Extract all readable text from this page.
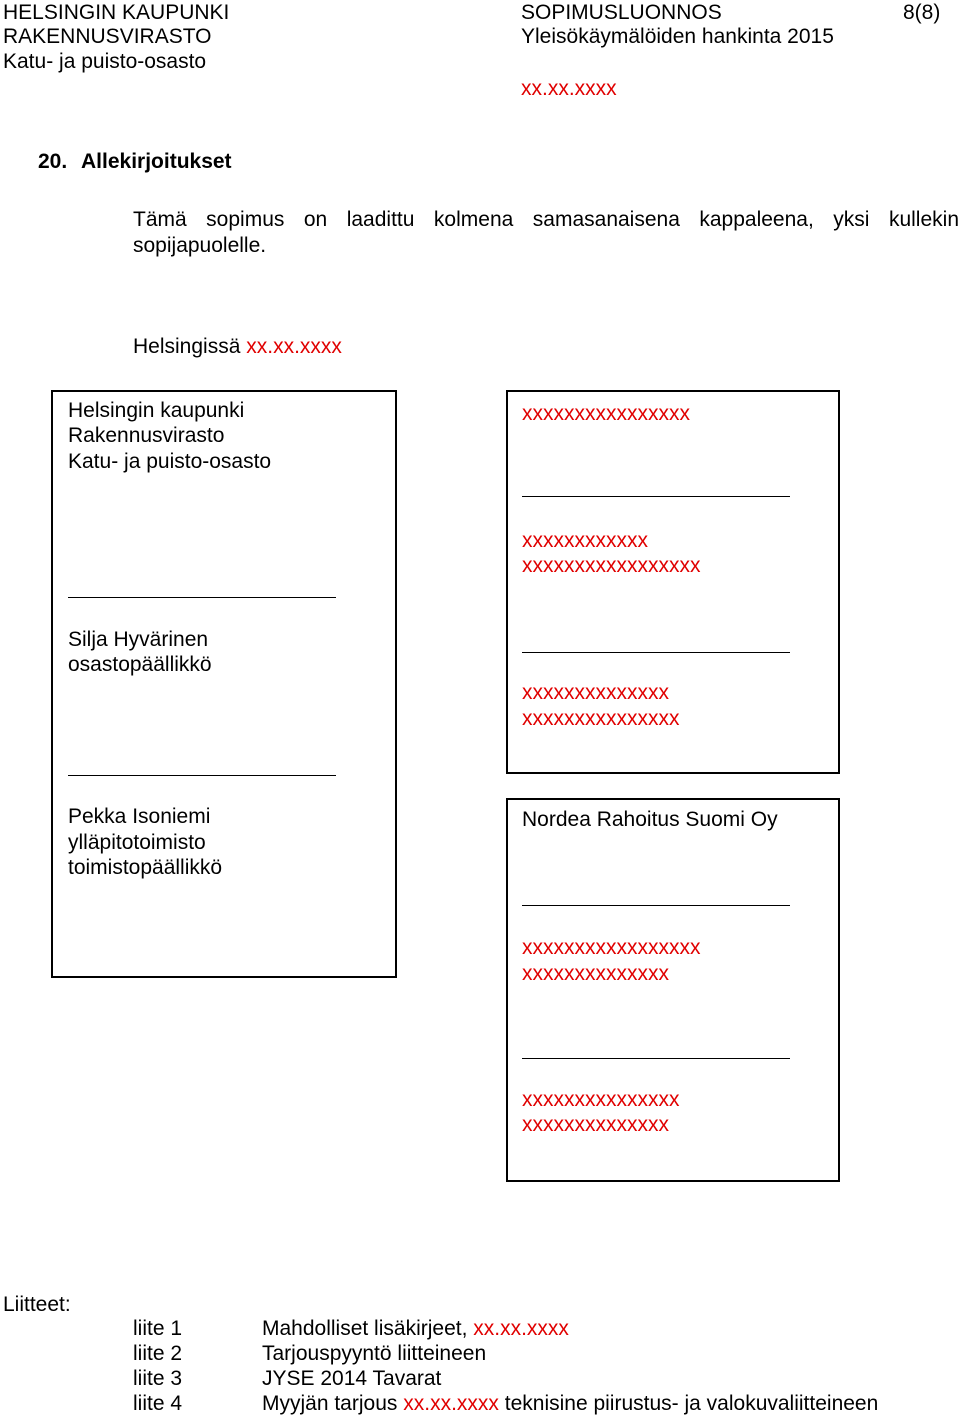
HELSINGIN KAUPUNKI
RAKENNUSVIRASTO
Katu- ja puisto-osasto
SOPIMUSLUONNOS
Yleisökäymälöiden hankinta 2015
8(8)
xx.xx.xxxx
20. Allekirjoitukset
Tämä sopimus on laadittu kolmena samasanaisena kappaleena, yksi kullekin sopijapuolelle.
Helsingissä xx.xx.xxxx
Helsingin kaupunki
Rakennusvirasto
Katu- ja puisto-osasto
Silja Hyvärinen
osastopäällikkö
Pekka Isoniemi
ylläpitotoimisto
toimistopäällikkö
xxxxxxxxxxxxxxxx
xxxxxxxxxxxx
xxxxxxxxxxxxxxxxx
xxxxxxxxxxxxxx
xxxxxxxxxxxxxxx
Nordea Rahoitus Suomi Oy
xxxxxxxxxxxxxxxxx
xxxxxxxxxxxxxx
xxxxxxxxxxxxxxx
xxxxxxxxxxxxxx
Liitteet:
liite 1	Mahdolliset lisäkirjeet, xx.xx.xxxx
liite 2	Tarjouspyyntö liitteineen
liite 3	JYSE 2014 Tavarat
liite 4	Myyjän tarjous xx.xx.xxxx teknisine piirustus- ja valokuvaliitteineen
